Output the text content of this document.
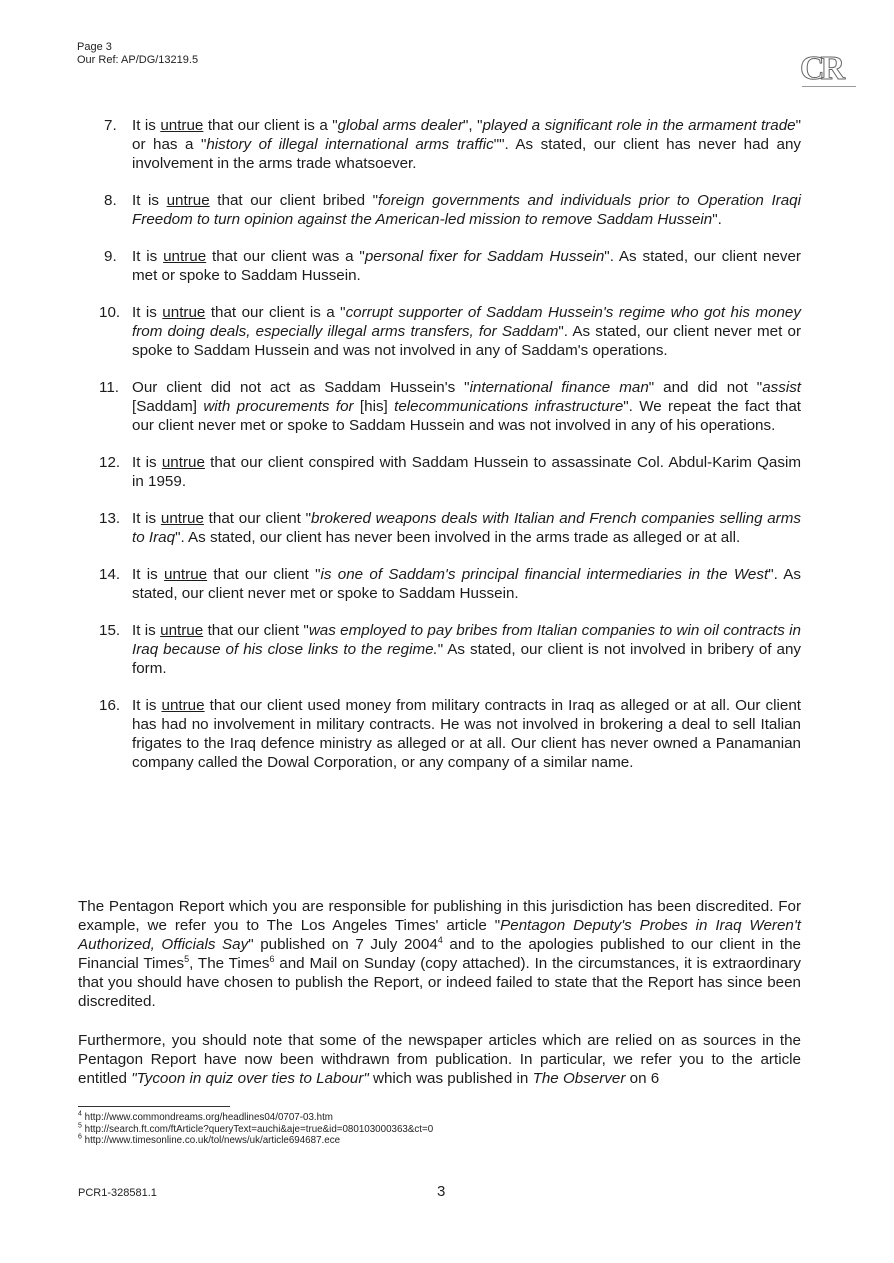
Page 3
Our Ref: AP/DG/13219.5	CR
7. It is untrue that our client is a "global arms dealer", "played a significant role in the armament trade" or has a "history of illegal international arms traffic"". As stated, our client has never had any involvement in the arms trade whatsoever.
8. It is untrue that our client bribed "foreign governments and individuals prior to Operation Iraqi Freedom to turn opinion against the American-led mission to remove Saddam Hussein".
9. It is untrue that our client was a "personal fixer for Saddam Hussein". As stated, our client never met or spoke to Saddam Hussein.
10. It is untrue that our client is a "corrupt supporter of Saddam Hussein's regime who got his money from doing deals, especially illegal arms transfers, for Saddam". As stated, our client never met or spoke to Saddam Hussein and was not involved in any of Saddam's operations.
11. Our client did not act as Saddam Hussein's "international finance man" and did not "assist [Saddam] with procurements for [his] telecommunications infrastructure". We repeat the fact that our client never met or spoke to Saddam Hussein and was not involved in any of his operations.
12. It is untrue that our client conspired with Saddam Hussein to assassinate Col. Abdul-Karim Qasim in 1959.
13. It is untrue that our client "brokered weapons deals with Italian and French companies selling arms to Iraq". As stated, our client has never been involved in the arms trade as alleged or at all.
14. It is untrue that our client "is one of Saddam's principal financial intermediaries in the West". As stated, our client never met or spoke to Saddam Hussein.
15. It is untrue that our client "was employed to pay bribes from Italian companies to win oil contracts in Iraq because of his close links to the regime." As stated, our client is not involved in bribery of any form.
16. It is untrue that our client used money from military contracts in Iraq as alleged or at all. Our client has had no involvement in military contracts. He was not involved in brokering a deal to sell Italian frigates to the Iraq defence ministry as alleged or at all. Our client has never owned a Panamanian company called the Dowal Corporation, or any company of a similar name.

The Pentagon Report which you are responsible for publishing in this jurisdiction has been discredited. For example, we refer you to The Los Angeles Times' article "Pentagon Deputy's Probes in Iraq Weren't Authorized, Officials Say" published on 7 July 2004$^4$ and to the apologies published to our client in the Financial Times$^5$, The Times$^6$ and Mail on Sunday (copy attached). In the circumstances, it is extraordinary that you should have chosen to publish the Report, or indeed failed to state that the Report has since been discredited.

Furthermore, you should note that some of the newspaper articles which are relied on as sources in the Pentagon Report have now been withdrawn from publication. In particular, we refer you to the article entitled "Tycoon in quiz over ties to Labour" which was published in The Observer on 6

$^4$ http://www.commondreams.org/headlines04/0707-03.htm
$^5$ http://search.ft.com/ftArticle?queryText=auchi&aje=true&id=080103000363&ct=0
$^6$ http://www.timesonline.co.uk/tol/news/uk/article694687.ece
PCR1-328581.1	3
